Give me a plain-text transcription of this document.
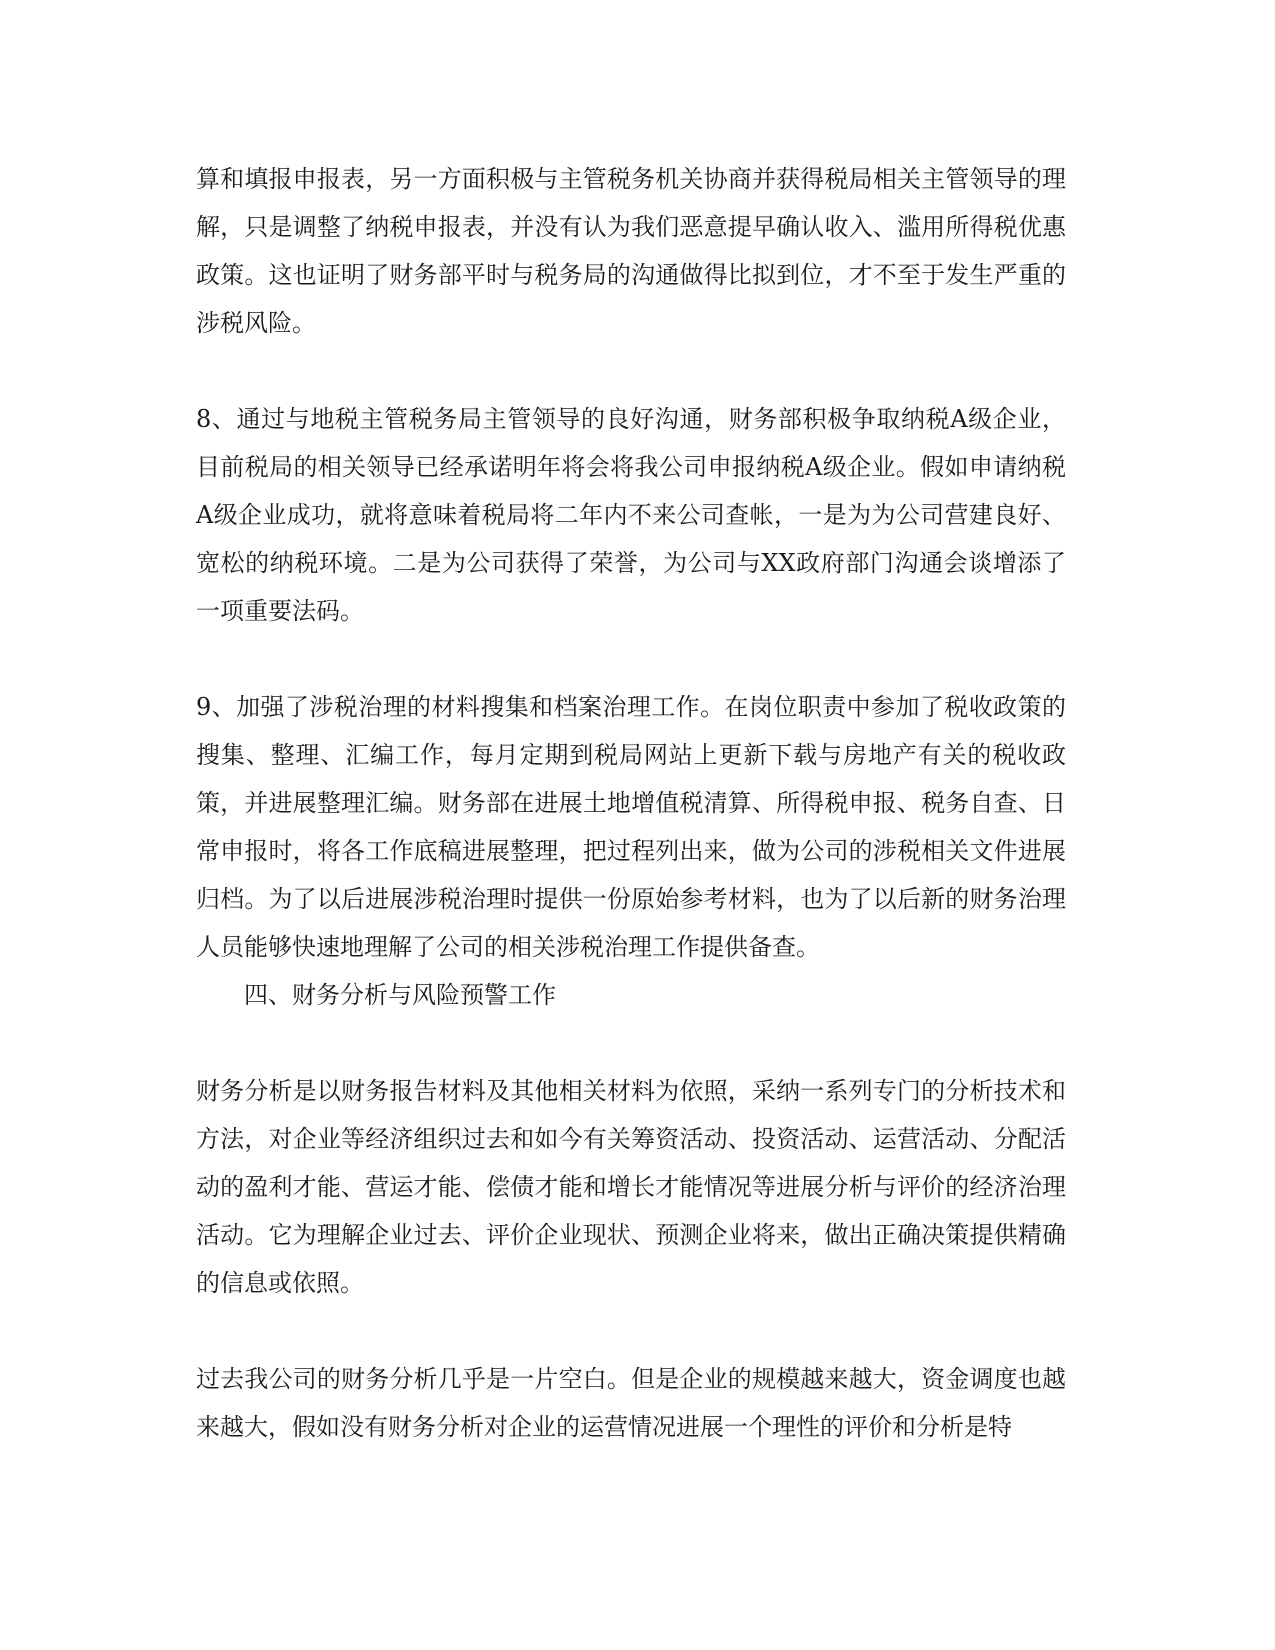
算和填报申报表，另一方面积极与主管税务机关协商并获得税局相关主管领导的理解，只是调整了纳税申报表，并没有认为我们恶意提早确认收入、滥用所得税优惠政策。这也证明了财务部平时与税务局的沟通做得比拟到位，才不至于发生严重的涉税风险。

8、通过与地税主管税务局主管领导的良好沟通，财务部积极争取纳税A级企业，目前税局的相关领导已经承诺明年将会将我公司申报纳税A级企业。假如申请纳税A级企业成功，就将意味着税局将二年内不来公司查帐，一是为为公司营建良好、宽松的纳税环境。二是为公司获得了荣誉，为公司与XX政府部门沟通会谈增添了一项重要法码。

9、加强了涉税治理的材料搜集和档案治理工作。在岗位职责中参加了税收政策的搜集、整理、汇编工作，每月定期到税局网站上更新下载与房地产有关的税收政策，并进展整理汇编。财务部在进展土地增值税清算、所得税申报、税务自查、日常申报时，将各工作底稿进展整理，把过程列出来，做为公司的涉税相关文件进展归档。为了以后进展涉税治理时提供一份原始参考材料，也为了以后新的财务治理人员能够快速地理解了公司的相关涉税治理工作提供备查。

四、财务分析与风险预警工作

财务分析是以财务报告材料及其他相关材料为依照，采纳一系列专门的分析技术和方法，对企业等经济组织过去和如今有关筹资活动、投资活动、运营活动、分配活动的盈利才能、营运才能、偿债才能和增长才能情况等进展分析与评价的经济治理活动。它为理解企业过去、评价企业现状、预测企业将来，做出正确决策提供精确的信息或依照。

过去我公司的财务分析几乎是一片空白。但是企业的规模越来越大，资金调度也越来越大，假如没有财务分析对企业的运营情况进展一个理性的评价和分析是特
